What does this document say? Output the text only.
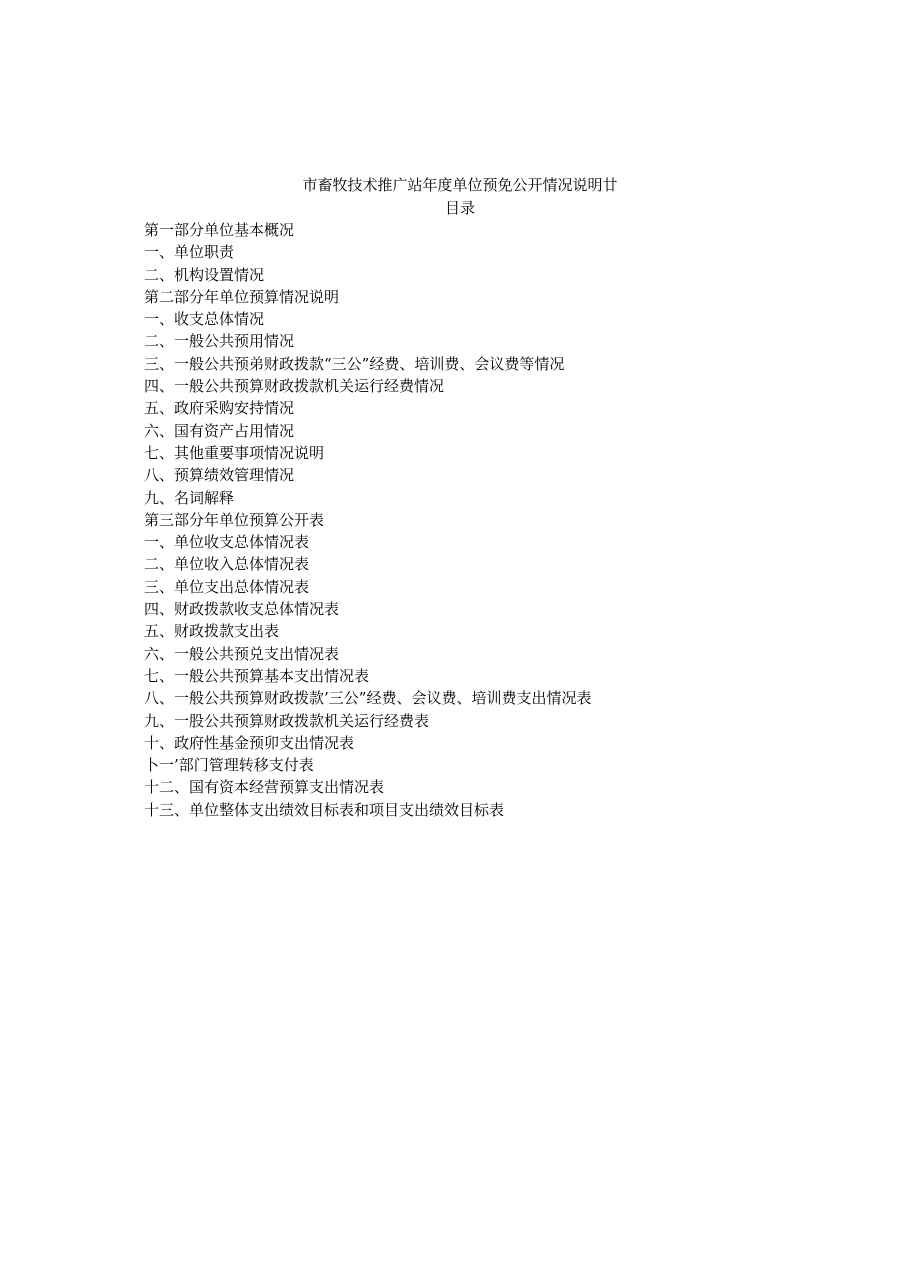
市畜牧技术推广站年度单位预免公开情况说明廿
目录
第一部分单位基本概况
一、单位职责
二、机构设置情况
第二部分年单位预算情况说明
一、收支总体情况
二、一般公共预用情况
三、一般公共预弟财政拨款“三公”经费、培训费、会议费等情况
四、一般公共预算财政拨款机关运行经费情况
五、政府采购安持情况
六、国有资产占用情况
七、其他重要事项情况说明
八、预算绩效管理情况
九、名词解释
第三部分年单位预算公开表
一、单位收支总体情况表
二、单位收入总体情况表
三、单位支出总体情况表
四、财政拨款收支总体情况表
五、财政拨款支出表
六、一般公共预兑支出情况表
七、一般公共预算基本支出情况表
八、一般公共预算财政拨款’三公”经费、会议费、培训费支出情况表
九、一股公共预算财政拨款机关运行经费表
十、政府性基金预卯支出情况表
卜一’部门管理转移支付表
十二、国有资本经营预算支出情况表
十三、单位整体支出绩效目标表和项目支出绩效目标表
